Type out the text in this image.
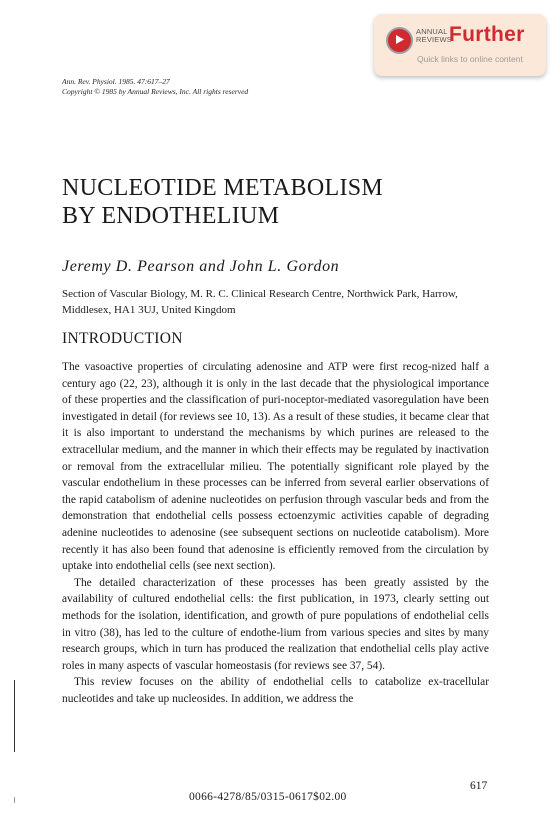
ANNUAL
REVIEWS
Further
Quick links to online content
Ann. Rev. Physiol. 1985. 47:617–27
Copyright © 1985 by Annual Reviews, Inc. All rights reserved
NUCLEOTIDE METABOLISM
BY ENDOTHELIUM
Jeremy D. Pearson and John L. Gordon
Section of Vascular Biology, M. R. C. Clinical Research Centre, Northwick Park, Harrow, Middlesex, HA1 3UJ, United Kingdom
INTRODUCTION

The vasoactive properties of circulating adenosine and ATP were first recog-nized half a century ago (22, 23), although it is only in the last decade that the physiological importance of these properties and the classification of puri-noceptor-mediated vasoregulation have been investigated in detail (for reviews see 10, 13). As a result of these studies, it became clear that it is also important to understand the mechanisms by which purines are released to the extracellular medium, and the manner in which their effects may be regulated by inactivation or removal from the extracellular milieu. The potentially significant role played by the vascular endothelium in these processes can be inferred from several earlier observations of the rapid catabolism of adenine nucleotides on perfusion through vascular beds and from the demonstration that endothelial cells possess ectoenzymic activities capable of degrading adenine nucleotides to adenosine (see subsequent sections on nucleotide catabolism). More recently it has also been found that adenosine is efficiently removed from the circulation by uptake into endothelial cells (see next section).

The detailed characterization of these processes has been greatly assisted by the availability of cultured endothelial cells: the first publication, in 1973, clearly setting out methods for the isolation, identification, and growth of pure populations of endothelial cells in vitro (38), has led to the culture of endothe-lium from various species and sites by many research groups, which in turn has produced the realization that endothelial cells play active roles in many aspects of vascular homeostasis (for reviews see 37, 54).

This review focuses on the ability of endothelial cells to catabolize ex-tracellular nucleotides and take up nucleosides. In addition, we address the

617
0066-4278/85/0315-0617$02.00
